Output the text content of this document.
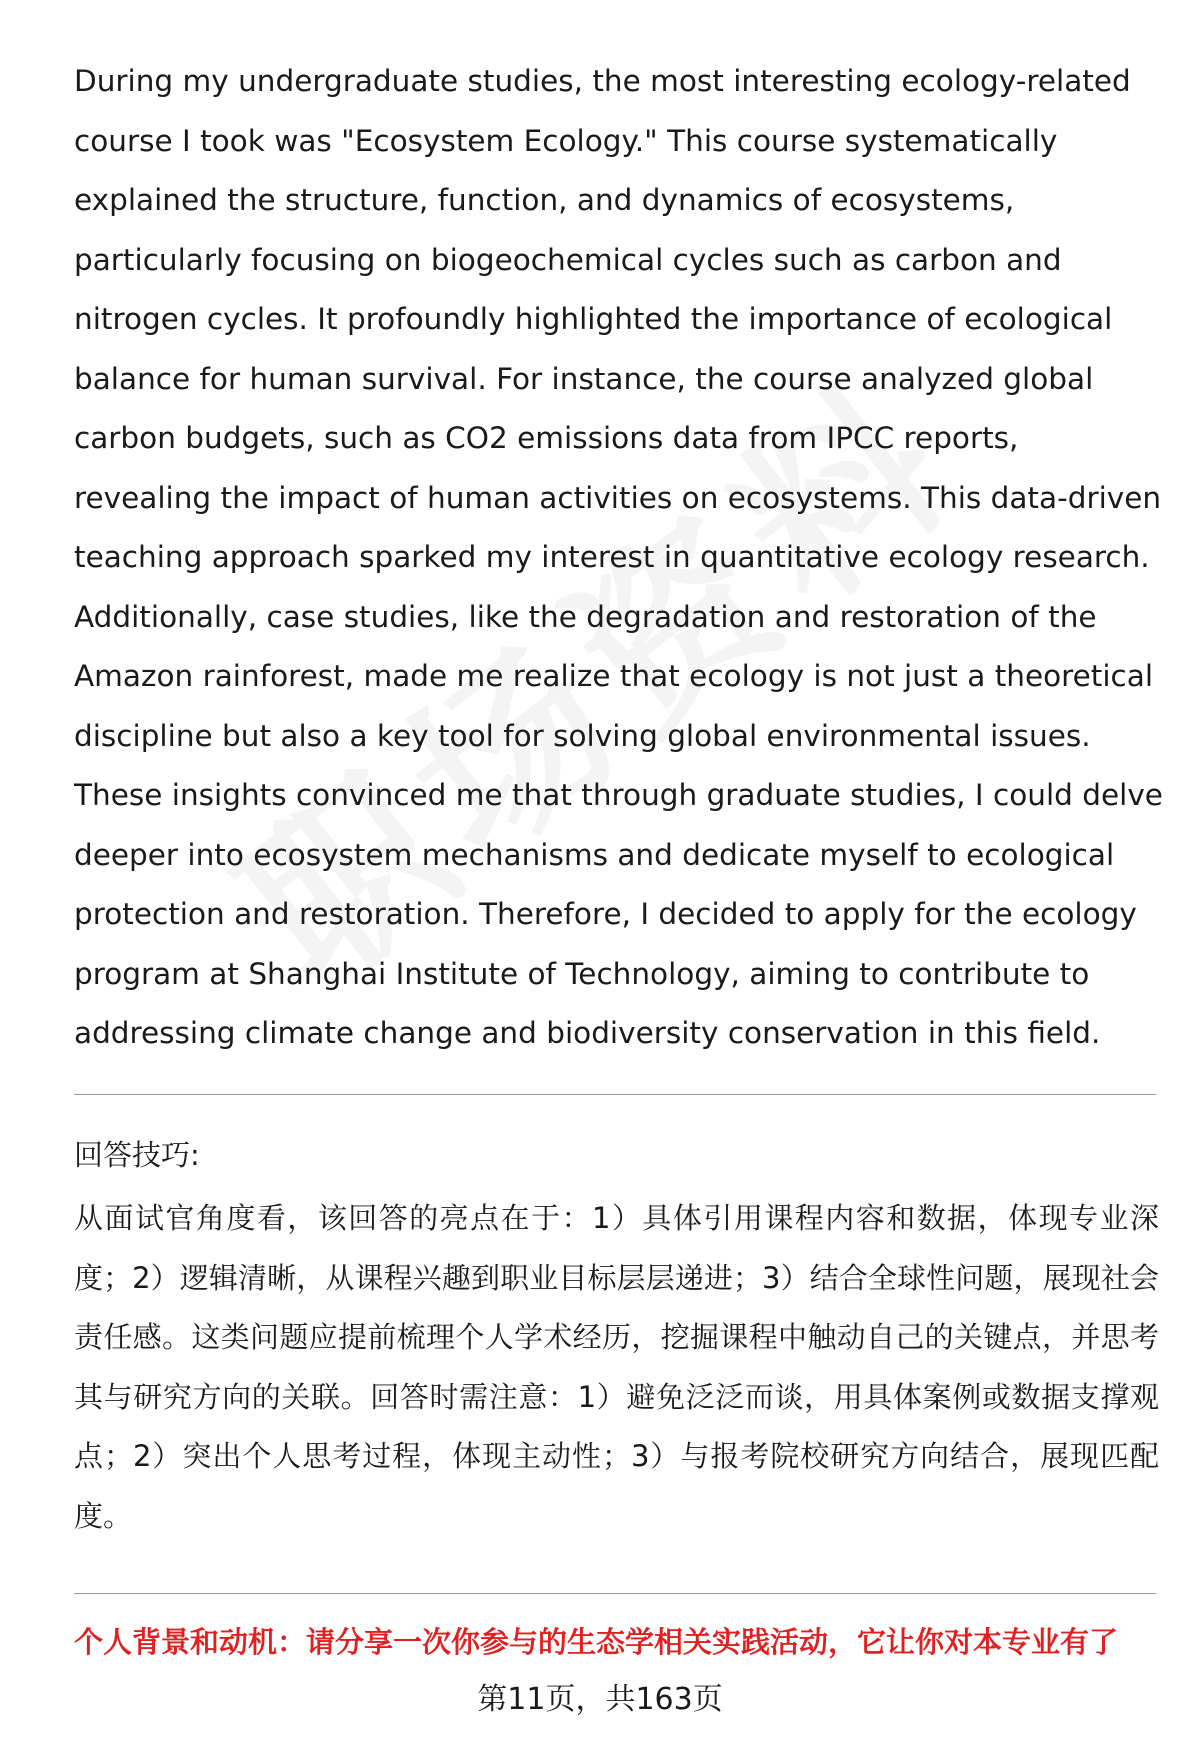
During my undergraduate studies, the most interesting ecology-related course I took was "Ecosystem Ecology." This course systematically explained the structure, function, and dynamics of ecosystems, particularly focusing on biogeochemical cycles such as carbon and nitrogen cycles. It profoundly highlighted the importance of ecological balance for human survival. For instance, the course analyzed global carbon budgets, such as CO2 emissions data from IPCC reports, revealing the impact of human activities on ecosystems. This data-driven teaching approach sparked my interest in quantitative ecology research. Additionally, case studies, like the degradation and restoration of the Amazon rainforest, made me realize that ecology is not just a theoretical discipline but also a key tool for solving global environmental issues. These insights convinced me that through graduate studies, I could delve deeper into ecosystem mechanisms and dedicate myself to ecological protection and restoration. Therefore, I decided to apply for the ecology program at Shanghai Institute of Technology, aiming to contribute to addressing climate change and biodiversity conservation in this field.

回答技巧:

从面试官角度看，该回答的亮点在于：1）具体引用课程内容和数据，体现专业深度；2）逻辑清晰，从课程兴趣到职业目标层层递进；3）结合全球性问题，展现社会责任感。这类问题应提前梳理个人学术经历，挖掘课程中触动自己的关键点，并思考其与研究方向的关联。回答时需注意：1）避免泛泛而谈，用具体案例或数据支撑观点；2）突出个人思考过程，体现主动性；3）与报考院校研究方向结合，展现匹配度。

个人背景和动机：请分享一次你参与的生态学相关实践活动，它让你对本专业有了

第11页，共163页
